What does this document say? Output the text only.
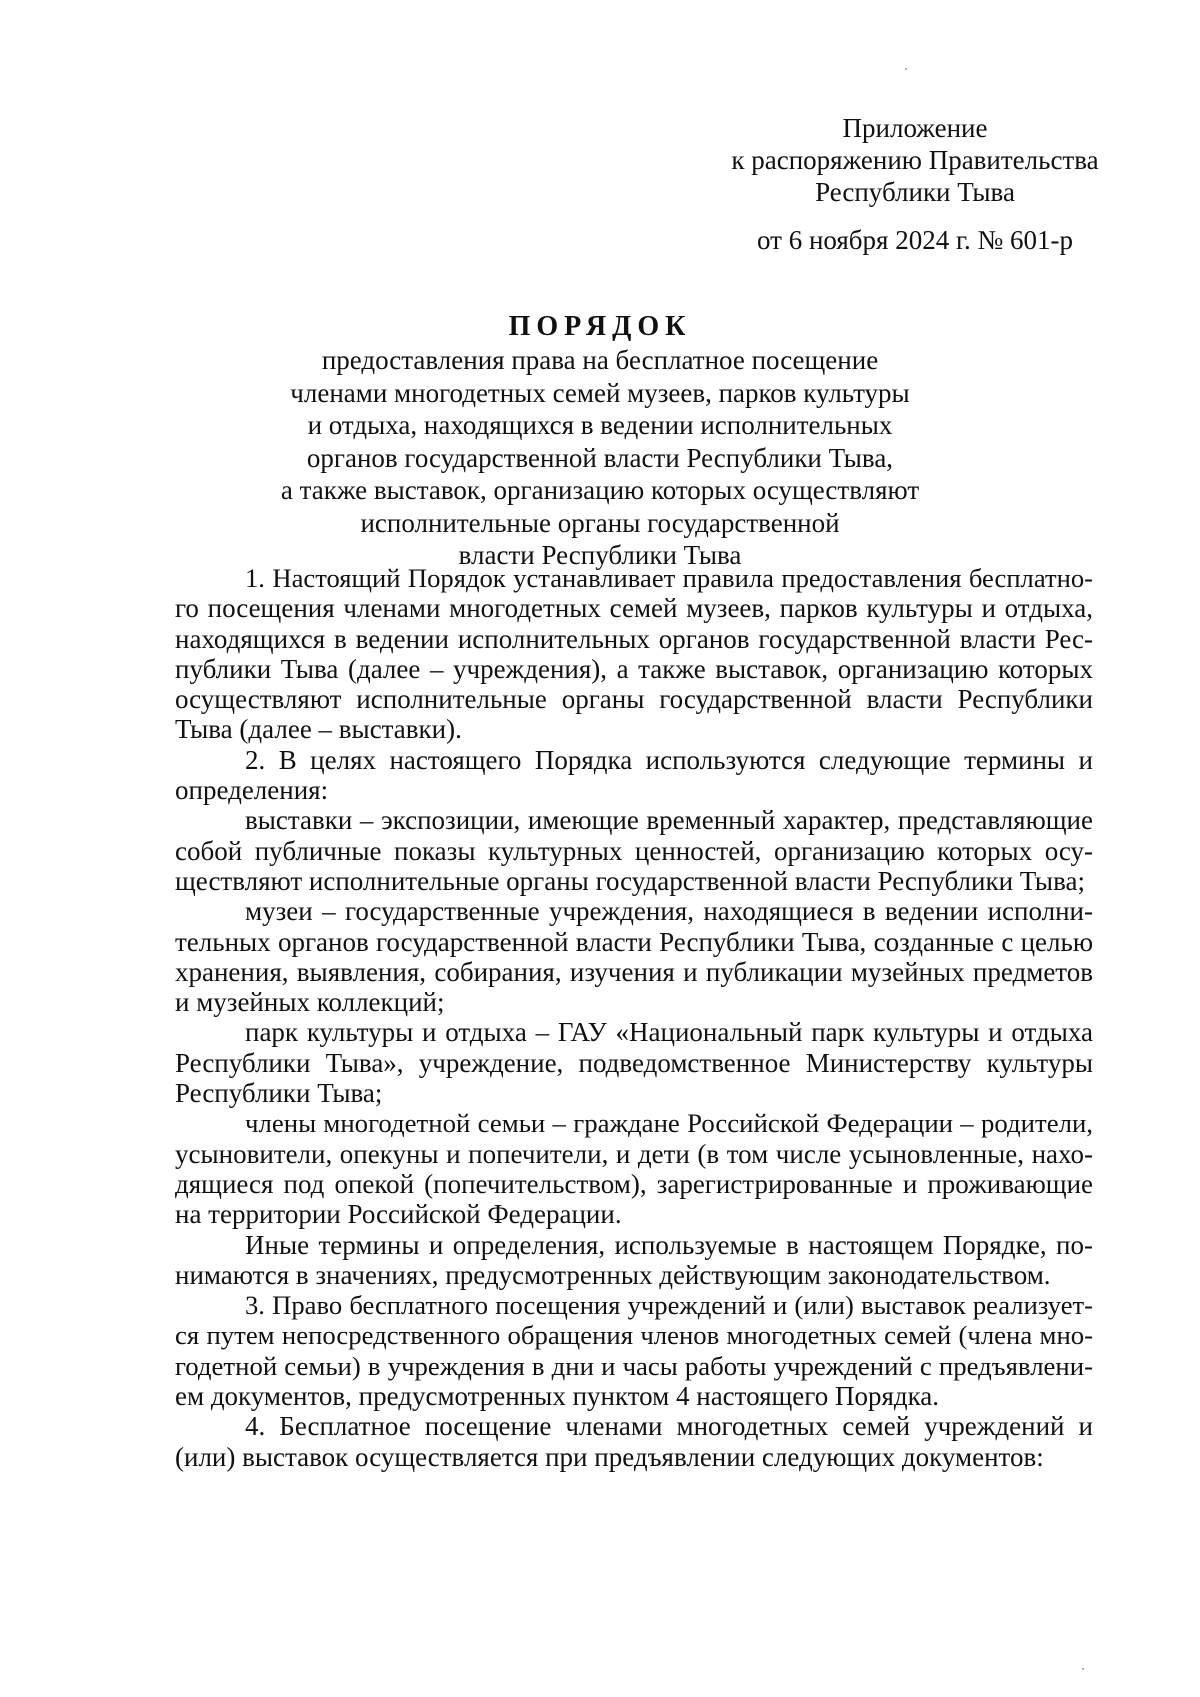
Приложение
к распоряжению Правительства
Республики Тыва
от 6 ноября 2024 г. № 601-р
ПОРЯДОК
предоставления права на бесплатное посещение
членами многодетных семей музеев, парков культуры
и отдыха, находящихся в ведении исполнительных
органов государственной власти Республики Тыва,
а также выставок, организацию которых осуществляют
исполнительные органы государственной
власти Республики Тыва
1. Настоящий Порядок устанавливает правила предоставления бесплатно-
го посещения членами многодетных семей музеев, парков культуры и отдыха,
находящихся в ведении исполнительных органов государственной власти Рес-
публики Тыва (далее – учреждения), а также выставок, организацию которых
осуществляют исполнительные органы государственной власти Республики
Тыва (далее – выставки).
2. В целях настоящего Порядка используются следующие термины и
определения:
выставки – экспозиции, имеющие временный характер, представляющие
собой публичные показы культурных ценностей, организацию которых осу-
ществляют исполнительные органы государственной власти Республики Тыва;
музеи – государственные учреждения, находящиеся в ведении исполни-
тельных органов государственной власти Республики Тыва, созданные с целью
хранения, выявления, собирания, изучения и публикации музейных предметов
и музейных коллекций;
парк культуры и отдыха – ГАУ «Национальный парк культуры и отдыха
Республики Тыва», учреждение, подведомственное Министерству культуры
Республики Тыва;
члены многодетной семьи – граждане Российской Федерации – родители,
усыновители, опекуны и попечители, и дети (в том числе усыновленные, нахо-
дящиеся под опекой (попечительством), зарегистрированные и проживающие
на территории Российской Федерации.
Иные термины и определения, используемые в настоящем Порядке, по-
нимаются в значениях, предусмотренных действующим законодательством.
3. Право бесплатного посещения учреждений и (или) выставок реализует-
ся путем непосредственного обращения членов многодетных семей (члена мно-
годетной семьи) в учреждения в дни и часы работы учреждений с предъявлени-
ем документов, предусмотренных пунктом 4 настоящего Порядка.
4. Бесплатное посещение членами многодетных семей учреждений и
(или) выставок осуществляется при предъявлении следующих документов:
